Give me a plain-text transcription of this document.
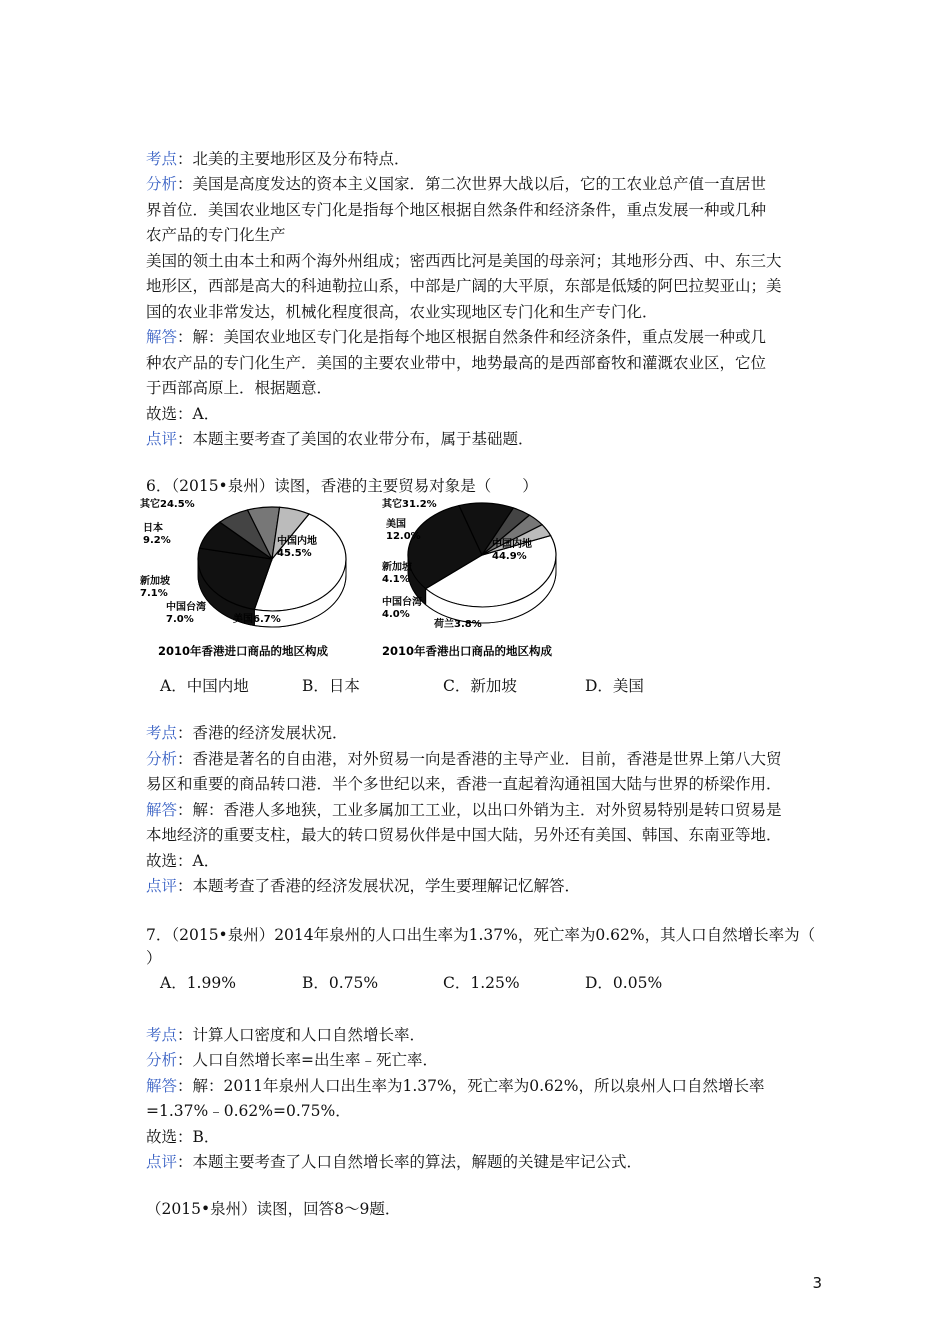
考点：北美的主要地形区及分布特点．
分析：美国是高度发达的资本主义国家．第二次世界大战以后，它的工农业总产值一直居世
界首位．美国农业地区专门化是指每个地区根据自然条件和经济条件，重点发展一种或几种
农产品的专门化生产
美国的领土由本土和两个海外州组成；密西西比河是美国的母亲河；其地形分西、中、东三大
地形区，西部是高大的科迪勒拉山系，中部是广阔的大平原，东部是低矮的阿巴拉契亚山；美
国的农业非常发达，机械化程度很高，农业实现地区专门化和生产专门化．
解答：解：美国农业地区专门化是指每个地区根据自然条件和经济条件，重点发展一种或几
种农产品的专门化生产．美国的主要农业带中，地势最高的是西部畜牧和灌溉农业区，它位
于西部高原上．根据题意．
故选：A．
点评：本题主要考查了美国的农业带分布，属于基础题．
6．（2015•泉州）读图，香港的主要贸易对象是（　　）
中国内地 45.5%
其它24.5%
日本 9.2%
新加坡 7.1%
中国台湾 7.0%	美国6.7%
2010年香港进口商品的地区构成
中国内地 44.9%
其它31.2%
美国 12.0%
新加坡 4.1%
中国台湾 4.0%
荷兰3.8%
2010年香港出口商品的地区构成
A．中国内地	B．日本	C．新加坡	D．美国
考点：香港的经济发展状况．
分析：香港是著名的自由港，对外贸易一向是香港的主导产业．目前，香港是世界上第八大贸
易区和重要的商品转口港．半个多世纪以来，香港一直起着沟通祖国大陆与世界的桥梁作用．
解答：解：香港人多地狭，工业多属加工工业，以出口外销为主．对外贸易特别是转口贸易是
本地经济的重要支柱，最大的转口贸易伙伴是中国大陆，另外还有美国、韩国、东南亚等地．
故选：A．
点评：本题考查了香港的经济发展状况，学生要理解记忆解答．
7．（2015•泉州）2014年泉州的人口出生率为1.37%，死亡率为0.62%，其人口自然增长率为（
）
A．1.99%	B．0.75%	C．1.25%	D．0.05%
考点：计算人口密度和人口自然增长率．
分析：人口自然增长率=出生率﹣死亡率．
解答：解：2011年泉州人口出生率为1.37%，死亡率为0.62%，所以泉州人口自然增长率
=1.37%﹣0.62%=0.75%．
故选：B．
点评：本题主要考查了人口自然增长率的算法，解题的关键是牢记公式．
（2015•泉州）读图，回答8～9题．
3
